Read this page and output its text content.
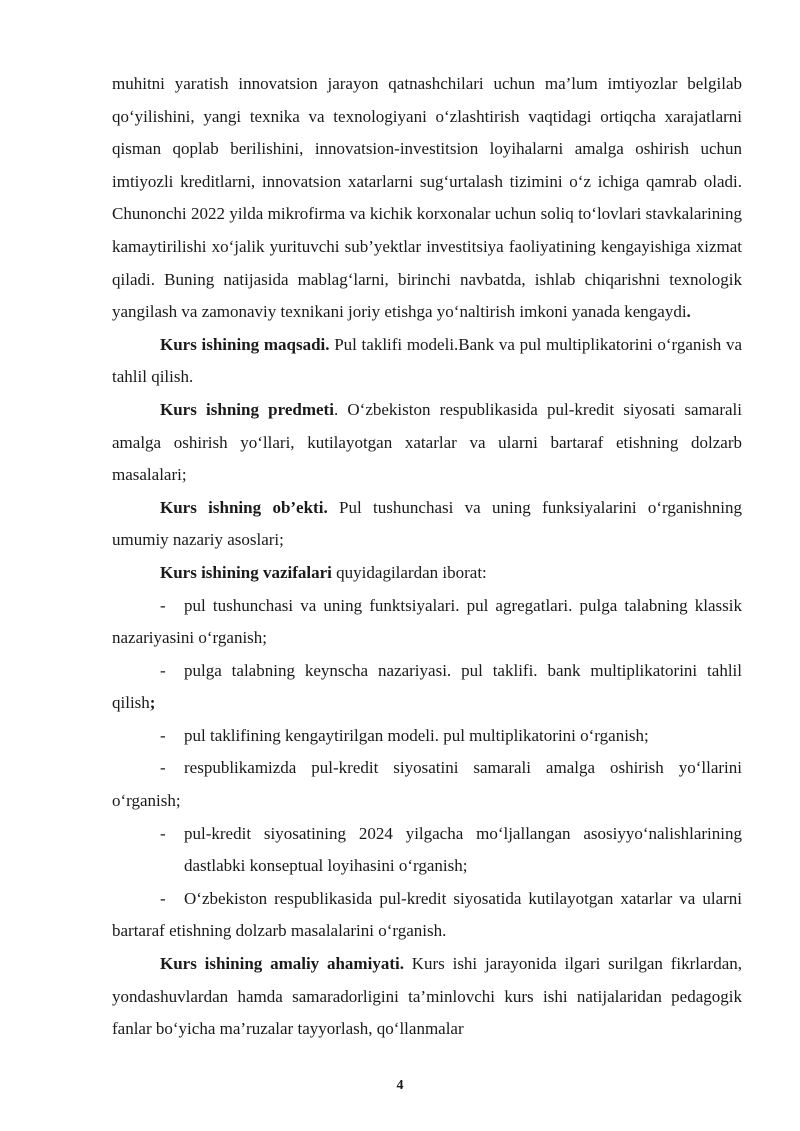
muhitni yaratish innovatsion jarayon qatnashchilari uchun ma’lum imtiyozlar belgilab qo‘yilishini, yangi texnika va texnologiyani o‘zlashtirish vaqtidagi ortiqcha xarajatlarni qisman qoplab berilishini, innovatsion-investitsion loyihalarni amalga oshirish uchun imtiyozli kreditlarni, innovatsion xatarlarni sug‘urtalash tizimini o‘z ichiga qamrab oladi. Chunonchi 2022 yilda mikrofirma va kichik korxonalar uchun soliq to‘lovlari stavkalarining kamaytirilishi xo‘jalik yurituvchi sub’yektlar investitsiya faoliyatining kengayishiga xizmat qiladi. Buning natijasida mablag‘larni, birinchi navbatda, ishlab chiqarishni texnologik yangilash va zamonaviy texnikani joriy etishga yo‘naltirish imkoni yanada kengaydi.

Kurs ishining maqsadi. Pul taklifi modeli.Bank va pul multiplikatorini o‘rganish va tahlil qilish.

Kurs ishning predmeti. O‘zbekiston respublikasida pul-kredit siyosati samarali amalga oshirish yo‘llari, kutilayotgan xatarlar va ularni bartaraf etishning dolzarb masalalari;

Kurs ishning ob’ekti. Pul tushunchasi va uning funksiyalarini o‘rganishning umumiy nazariy asoslari;

Kurs ishining vazifalari quyidagilardan iborat:

- pul tushunchasi va uning funktsiyalari. pul agregatlari. pulga talabning klassik nazariyasini o‘rganish;

- pulga talabning keynscha nazariyasi. pul taklifi. bank multiplikatorini tahlil qilish;

- pul taklifining kengaytirilgan modeli. pul multiplikatorini o‘rganish;

- respublikamizda pul-kredit siyosatini samarali amalga oshirish yo‘llarini o‘rganish;

- pul-kredit siyosatining 2024 yilgacha mo‘ljallangan asosiyyo‘nalishlarining dastlabki konseptual loyihasini o‘rganish;

- O‘zbekiston respublikasida pul-kredit siyosatida kutilayotgan xatarlar va ularni bartaraf etishning dolzarb masalalarini o‘rganish.

Kurs ishining amaliy ahamiyati. Kurs ishi jarayonida ilgari surilgan fikrlardan, yondashuvlardan hamda samaradorligini ta’minlovchi kurs ishi natijalaridan pedagogik fanlar bo‘yicha ma’ruzalar tayyorlash, qo‘llanmalar

4
